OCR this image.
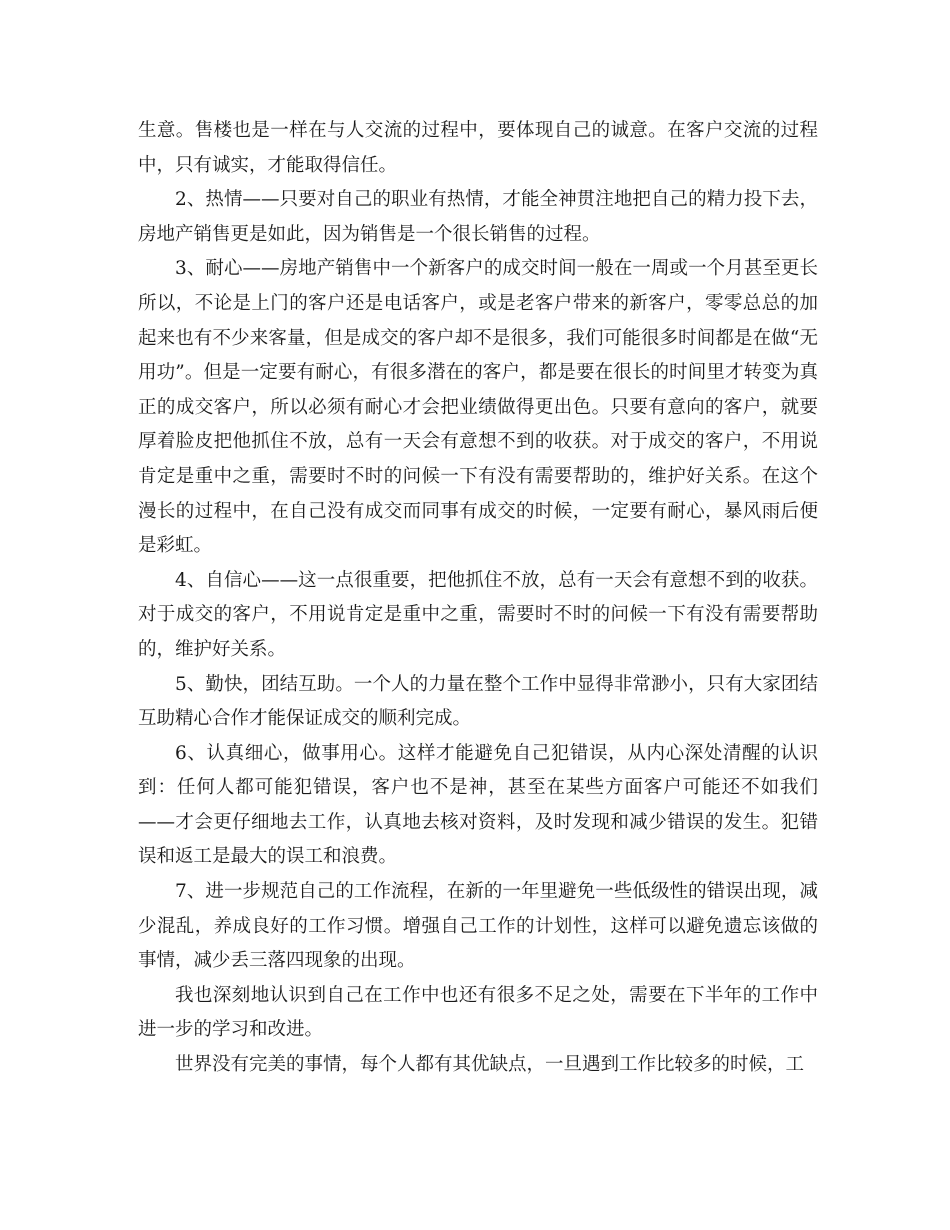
生意。售楼也是一样在与人交流的过程中，要体现自己的诚意。在客户交流的过程中，只有诚实，才能取得信任。

2、热情——只要对自己的职业有热情，才能全神贯注地把自己的精力投下去，房地产销售更是如此，因为销售是一个很长销售的过程。

3、耐心——房地产销售中一个新客户的成交时间一般在一周或一个月甚至更长所以，不论是上门的客户还是电话客户，或是老客户带来的新客户，零零总总的加起来也有不少来客量，但是成交的客户却不是很多，我们可能很多时间都是在做“无用功”。但是一定要有耐心，有很多潜在的客户，都是要在很长的时间里才转变为真正的成交客户，所以必须有耐心才会把业绩做得更出色。只要有意向的客户，就要厚着脸皮把他抓住不放，总有一天会有意想不到的收获。对于成交的客户，不用说肯定是重中之重，需要时不时的问候一下有没有需要帮助的，维护好关系。在这个漫长的过程中，在自己没有成交而同事有成交的时候，一定要有耐心，暴风雨后便是彩虹。

4、自信心——这一点很重要，把他抓住不放，总有一天会有意想不到的收获。对于成交的客户，不用说肯定是重中之重，需要时不时的问候一下有没有需要帮助的，维护好关系。

5、勤快，团结互助。一个人的力量在整个工作中显得非常渺小，只有大家团结互助精心合作才能保证成交的顺利完成。

6、认真细心，做事用心。这样才能避免自己犯错误，从内心深处清醒的认识到：任何人都可能犯错误，客户也不是神，甚至在某些方面客户可能还不如我们——才会更仔细地去工作，认真地去核对资料，及时发现和减少错误的发生。犯错误和返工是最大的误工和浪费。

7、进一步规范自己的工作流程，在新的一年里避免一些低级性的错误出现，减少混乱，养成良好的工作习惯。增强自己工作的计划性，这样可以避免遗忘该做的事情，减少丢三落四现象的出现。

我也深刻地认识到自己在工作中也还有很多不足之处，需要在下半年的工作中进一步的学习和改进。

世界没有完美的事情，每个人都有其优缺点，一旦遇到工作比较多的时候，工
